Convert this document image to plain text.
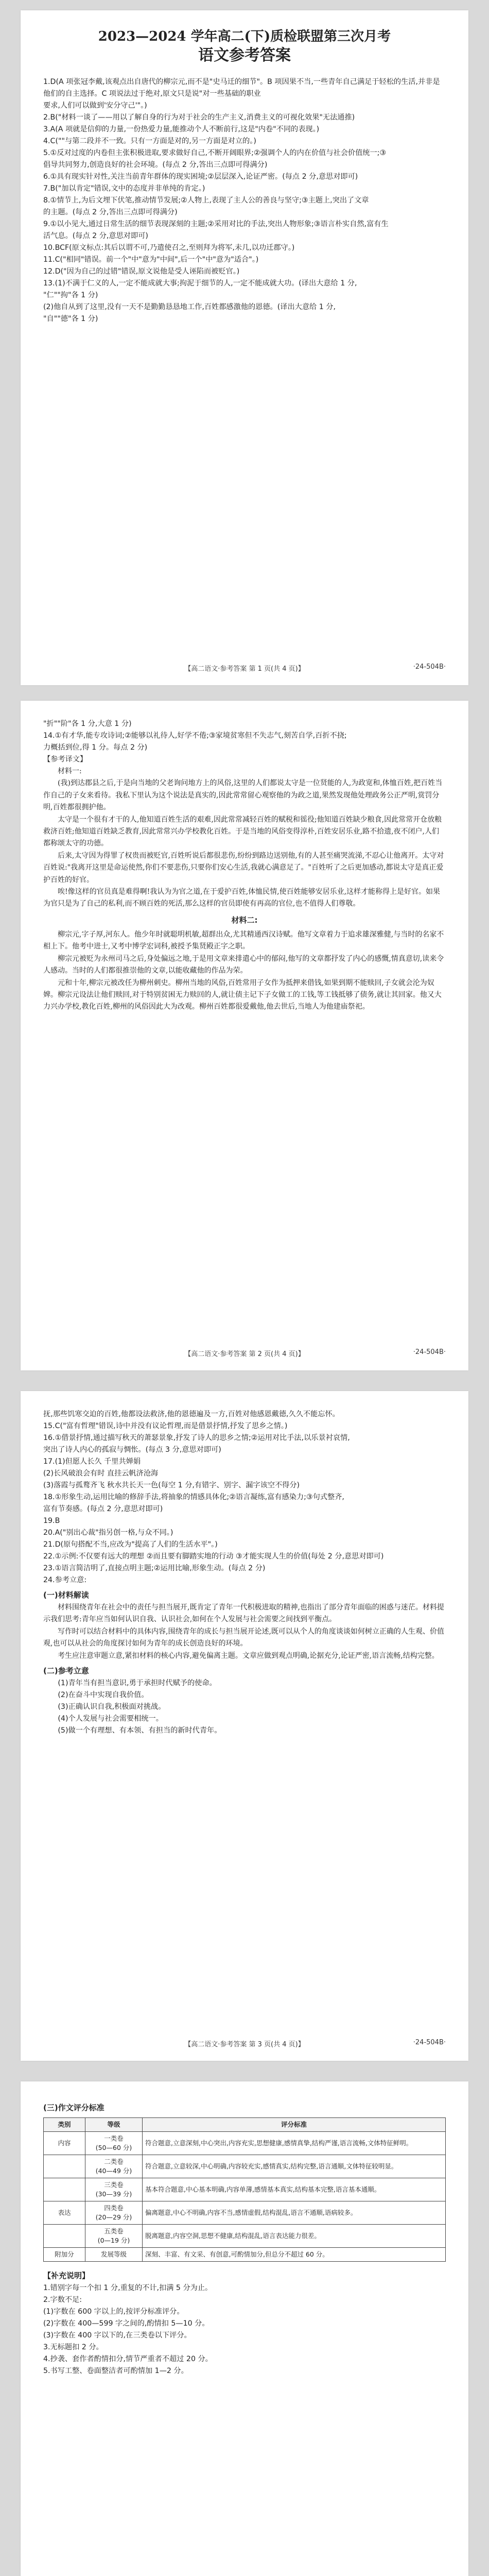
2023—2024 学年高二(下)质检联盟第三次月考
语文参考答案
1.D(A 项张冠李戴,该观点出自唐代的柳宗元,而不是"史马迁的细节"。B 项因果不当,一些青年自己满足于轻松的生活,并非是他们的自主选择。C 项说法过于绝对,原文只是说"对一些基础的职业
要求,人们可以做到'安分守己'"。)
2.B("材料一谈了——用以了解自身的行为对于社会的生产主义,消费主义的可视化效果"无法通推)
3.A(A 项就是信仰的力量,一份热爱力量,能推动个人不断前行,这是"内卷"不同的表现。)
4.C(""与第二段并不一致。只有一方面是对的,另一方面是对立的。)
5.①反对过度的内卷但主张积极进取,要求做好自己,不断开阔眼界;②强调个人的内在价值与社会价值统一;③
倡导共同努力,创造良好的社会环境。(每点 2 分,答出三点即可得满分)
6.①具有现实针对性,关注当前青年群体的现实困境;②层层深入,论证严密。(每点 2 分,意思对即可)
7.B("加以肯定"错误,文中的态度并非单纯的肯定。)
8.①情节上,为后文埋下伏笔,推动情节发展;②人物上,表现了主人公的善良与坚守;③主题上,突出了文章
的主题。(每点 2 分,答出三点即可得满分)
9.①以小见大,通过日常生活的细节表现深刻的主题;②采用对比的手法,突出人物形象;③语言朴实自然,富有生
活气息。(每点 2 分,意思对即可)
10.BCF(原文标点:其后以谓不可,乃遣使召之,至则拜为将军,未几,以功迁郡守。)
11.C("相同"错误。前一个"中"意为"中间",后一个"中"意为"适合"。)
12.D("因为自己的过错"错误,原文说他是受人诬陷而被贬官。)
13.(1)不满于仁义的人,一定不能成就大事;拘泥于细节的人,一定不能成就大功。(译出大意给 1 分,
"仁""拘"各 1 分)
(2)他自从到了这里,没有一天不是勤勤恳恳地工作,百姓都感激他的恩德。(译出大意给 1 分,
"自""德"各 1 分)
【高二语文·参考答案 第 1 页(共 4 页)】	·24-504B·
"折""阶"各 1 分,大意 1 分)
14.①有才华,能专攻诗词;②能够以礼待人,好学不倦;③家境贫寒但不失志气,刻苦自学,百折不挠;
力概括到位,得 1 分。每点 2 分)
【参考译文】

材料一:

(我)到达郡县之后,于是向当地的父老询问地方上的风俗,这里的人们都说太守是一位贤能的人,为政宽和,体恤百姓,把百姓当作自己的子女来看待。我私下里认为这个说法是真实的,因此常常留心观察他的为政之道,果然发现他处理政务公正严明,赏罚分明,百姓都很拥护他。

太守是一个很有才干的人,他知道百姓生活的艰难,因此常常减轻百姓的赋税和徭役;他知道百姓缺少粮食,因此常常开仓放粮救济百姓;他知道百姓缺乏教育,因此常常兴办学校教化百姓。于是当地的风俗变得淳朴,百姓安居乐业,路不拾遗,夜不闭户,人们都称颂太守的功德。

后来,太守因为得罪了权贵而被贬官,百姓听说后都很悲伤,纷纷到路边送别他,有的人甚至痛哭流涕,不忍心让他离开。太守对百姓说:"我离开这里是命运使然,你们不要悲伤,只要你们安心生活,我就心满意足了。"百姓听了之后更加感动,都说太守是真正爱护百姓的好官。

唉!像这样的官员真是难得啊!我认为为官之道,在于爱护百姓,体恤民情,使百姓能够安居乐业,这样才能称得上是好官。如果为官只是为了自己的私利,而不顾百姓的死活,那么这样的官员即使有再高的官位,也不值得人们尊敬。

材料二:

柳宗元,字子厚,河东人。他少年时就聪明机敏,超群出众,尤其精通西汉诗赋。他写文章着力于追求雄深雅健,与当时的名家不相上下。他考中进士,又考中博学宏词科,被授予集贤殿正字之职。

柳宗元被贬为永州司马之后,身处偏远之地,于是用文章来排遣心中的郁闷,他写的文章都抒发了内心的感慨,情真意切,读来令人感动。当时的人们都很推崇他的文章,以能收藏他的作品为荣。

元和十年,柳宗元被改任为柳州刺史。柳州当地的风俗,百姓常用子女作为抵押来借钱,如果到期不能赎回,子女就会沦为奴婢。柳宗元设法让他们赎回,对于特别贫困无力赎回的人,就让债主记下子女做工的工钱,等工钱抵够了债务,就让其回家。他又大力兴办学校,教化百姓,柳州的风俗因此大为改观。柳州百姓都很爱戴他,他去世后,当地人为他建庙祭祀。

【高二语文·参考答案 第 2 页(共 4 页)】	·24-504B·
抚,那些饥寒交迫的百姓,他都设法救济,他的恩德遍及一方,百姓对他感恩戴德,久久不能忘怀。
15.C("富有哲理"错误,诗中并没有议论哲理,而是借景抒情,抒发了思乡之情。)
16.①借景抒情,通过描写秋天的萧瑟景象,抒发了诗人的思乡之情;②运用对比手法,以乐景衬哀情,
突出了诗人内心的孤寂与惆怅。(每点 3 分,意思对即可)
17.(1)但愿人长久 千里共婵娟
(2)长风破浪会有时 直挂云帆济沧海
(3)落霞与孤鹜齐飞 秋水共长天一色(每空 1 分,有错字、别字、漏字该空不得分)
18.①形象生动,运用比喻的修辞手法,将抽象的情感具体化;②语言凝练,富有感染力;③句式整齐,
富有节奏感。(每点 2 分,意思对即可)
19.B
20.A("别出心裁"指另创一格,与众不同。)
21.D(原句搭配不当,应改为"提高了人们的生活水平"。)
22.①示例:不仅要有远大的理想 ②而且要有脚踏实地的行动 ③才能实现人生的价值(每处 2 分,意思对即可)
23.①语言简洁明了,直接点明主题;②运用比喻,形象生动。(每点 2 分)
24.参考立意:
(一)材料解读

材料围绕青年在社会中的责任与担当展开,既肯定了青年一代积极进取的精神,也指出了部分青年面临的困惑与迷茫。材料提示我们思考:青年应当如何认识自我、认识社会,如何在个人发展与社会需要之间找到平衡点。

写作时可以结合材料中的具体内容,围绕青年的成长与担当展开论述,既可以从个人的角度谈谈如何树立正确的人生观、价值观,也可以从社会的角度探讨如何为青年的成长创造良好的环境。

考生应注意审题立意,紧扣材料的核心内容,避免偏离主题。文章应做到观点明确,论据充分,论证严密,语言流畅,结构完整。

(二)参考立意
(1)青年当有担当意识,勇于承担时代赋予的使命。
(2)在奋斗中实现自我价值。
(3)正确认识自我,积极面对挑战。
(4)个人发展与社会需要相统一。
(5)做一个有理想、有本领、有担当的新时代青年。
【高二语文·参考答案 第 3 页(共 4 页)】	·24-504B·
(三)作文评分标准
类别	等级	评分标准
内容	一类卷
(50—60 分)	符合题意,立意深刻,中心突出,内容充实,思想健康,感情真挚,结构严谨,语言流畅,文体特征鲜明。
	二类卷
(40—49 分)	符合题意,立意较深,中心明确,内容较充实,感情真实,结构完整,语言通顺,文体特征较明显。
	三类卷
(30—39 分)	基本符合题意,中心基本明确,内容单薄,感情基本真实,结构基本完整,语言基本通顺。
表达	四类卷
(20—29 分)	偏离题意,中心不明确,内容不当,感情虚假,结构混乱,语言不通顺,语病较多。
	五类卷
(0—19 分)	脱离题意,内容空洞,思想不健康,结构混乱,语言表达能力很差。
附加分	发展等级	深刻、丰富、有文采、有创意,可酌情加分,但总分不超过 60 分。
【补充说明】
1.错别字每一个扣 1 分,重复的不计,扣满 5 分为止。
2.字数不足:
(1)字数在 600 字以上的,按评分标准评分。
(2)字数在 400—599 字之间的,酌情扣 5—10 分。
(3)字数在 400 字以下的,在三类卷以下评分。
3.无标题扣 2 分。
4.抄袭、套作者酌情扣分,情节严重者不超过 20 分。
5.书写工整、卷面整洁者可酌情加 1—2 分。
